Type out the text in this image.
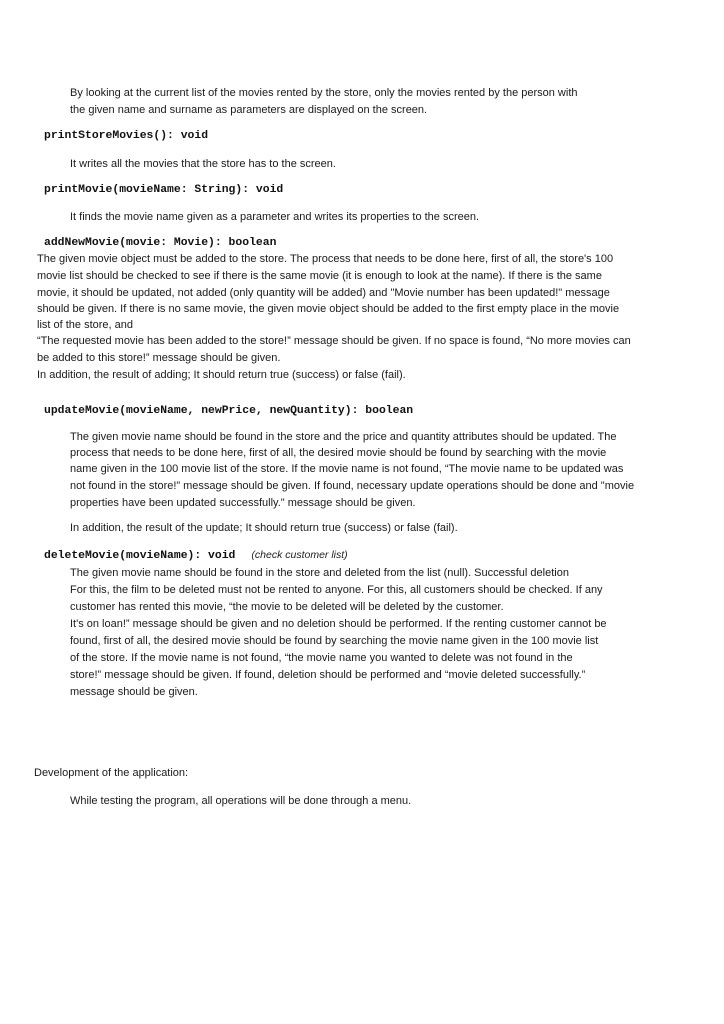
By looking at the current list of the movies rented by the store, only the movies rented by the person with
the given name and surname as parameters are displayed on the screen.
printStoreMovies(): void
It writes all the movies that the store has to the screen.
printMovie(movieName: String): void
It finds the movie name given as a parameter and writes its properties to the screen.
addNewMovie(movie: Movie): boolean
The given movie object must be added to the store. The process that needs to be done here, first of all, the store's 100
movie list should be checked to see if there is the same movie (it is enough to look at the name). If there is the same
movie, it should be updated, not added (only quantity will be added) and "Movie number has been updated!" message
should be given. If there is no same movie, the given movie object should be added to the first empty place in the movie
list of the store, and
“The requested movie has been added to the store!” message should be given. If no space is found, “No more movies can
be added to this store!” message should be given.
In addition, the result of adding; It should return true (success) or false (fail).
updateMovie(movieName, newPrice, newQuantity): boolean
The given movie name should be found in the store and the price and quantity attributes should be updated. The
process that needs to be done here, first of all, the desired movie should be found by searching with the movie
name given in the 100 movie list of the store. If the movie name is not found, “The movie name to be updated was
not found in the store!” message should be given. If found, necessary update operations should be done and "movie
properties have been updated successfully." message should be given.
In addition, the result of the update; It should return true (success) or false (fail).
deleteMovie(movieName): void (check customer list)
The given movie name should be found in the store and deleted from the list (null). Successful deletion
For this, the film to be deleted must not be rented to anyone. For this, all customers should be checked. If any
customer has rented this movie, “the movie to be deleted will be deleted by the customer.
It's on loan!” message should be given and no deletion should be performed. If the renting customer cannot be
found, first of all, the desired movie should be found by searching the movie name given in the 100 movie list
of the store. If the movie name is not found, “the movie name you wanted to delete was not found in the
store!” message should be given. If found, deletion should be performed and “movie deleted successfully.”
message should be given.
Development of the application:
While testing the program, all operations will be done through a menu.
